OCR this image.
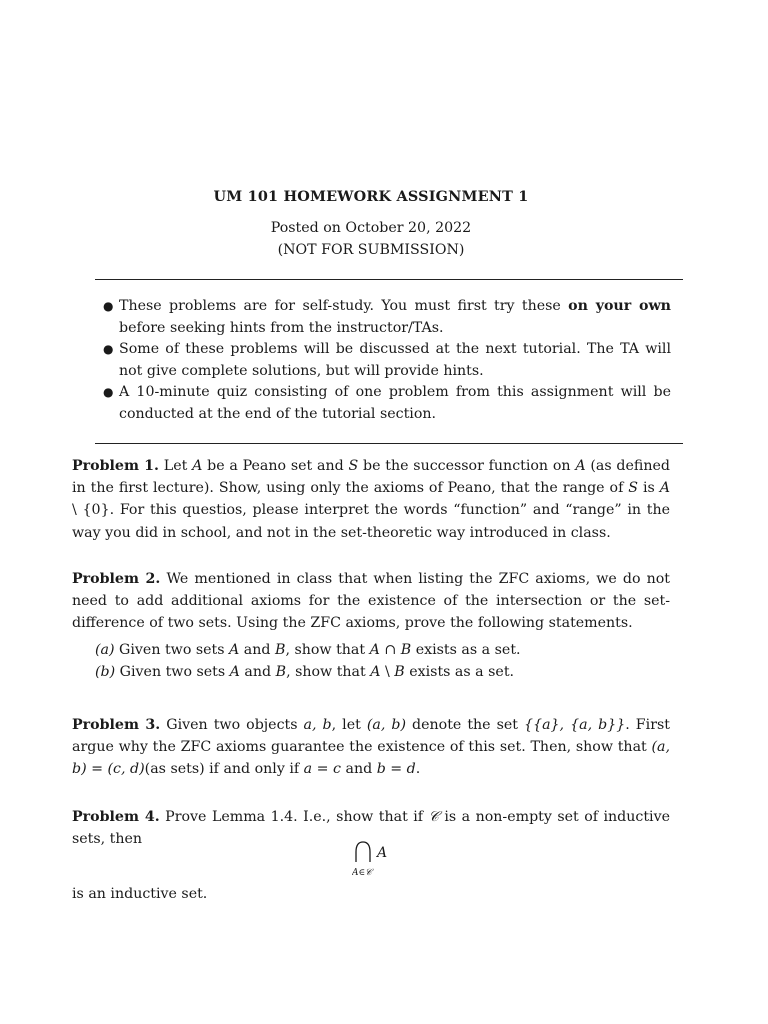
UM 101 HOMEWORK ASSIGNMENT 1
Posted on October 20, 2022
(NOT FOR SUBMISSION)
● These problems are for self-study. You must first try these on your own before seeking hints from the instructor/TAs.
● Some of these problems will be discussed at the next tutorial. The TA will not give complete solutions, but will provide hints.
● A 10-minute quiz consisting of one problem from this assignment will be conducted at the end of the tutorial section.

Problem 1. Let A be a Peano set and S be the successor function on A (as defined in the first lecture). Show, using only the axioms of Peano, that the range of S is A \ {0}. For this questios, please interpret the words “function” and “range” in the way you did in school, and not in the set-theoretic way introduced in class.

Problem 2. We mentioned in class that when listing the ZFC axioms, we do not need to add additional axioms for the existence of the intersection or the set-difference of two sets. Using the ZFC axioms, prove the following statements.

(a) Given two sets A and B, show that A ∩ B exists as a set.
(b) Given two sets A and B, show that A \ B exists as a set.

Problem 3. Given two objects a, b, let (a, b) denote the set {{a}, {a, b}}. First argue why the ZFC axioms guarantee the existence of this set. Then, show that (a, b) = (c, d)(as sets) if and only if a = c and b = d.

Problem 4. Prove Lemma 1.4. I.e., show that if 𝒞 is a non-empty set of inductive sets, then

A
A∈𝒞
is an inductive set.
